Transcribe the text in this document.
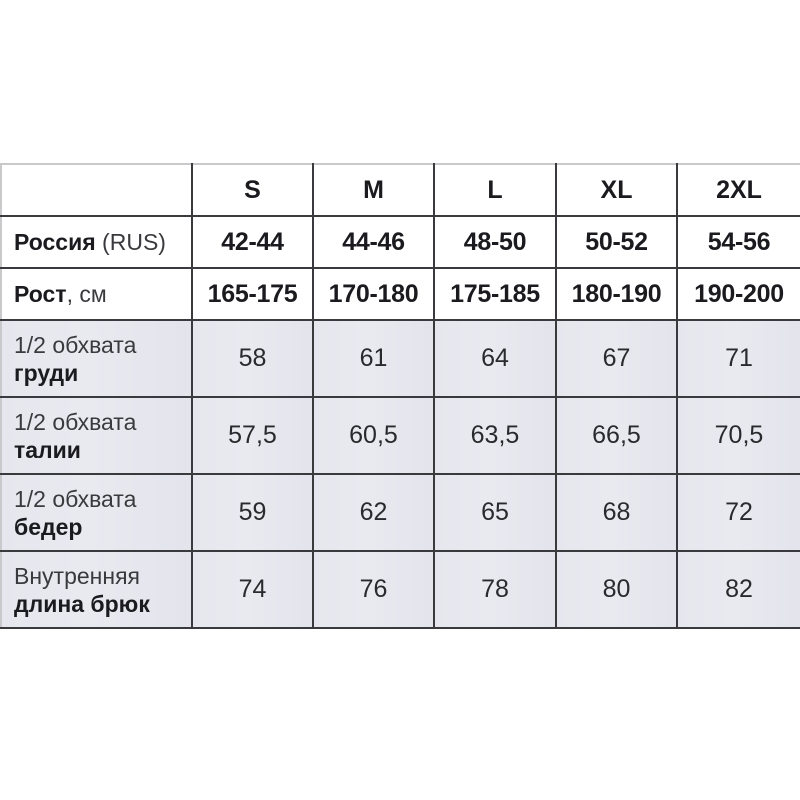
	S	M	L	XL	2XL
Россия (RUS)	42-44	44-46	48-50	50-52	54-56
Рост, см	165-175	170-180	175-185	180-190	190-200

1/2 обхвата
груди	58	61	64	67	71

1/2 обхвата
талии	57,5	60,5	63,5	66,5	70,5

1/2 обхвата
бедер	59	62	65	68	72

Внутренняя
длина брюк	74	76	78	80	82
